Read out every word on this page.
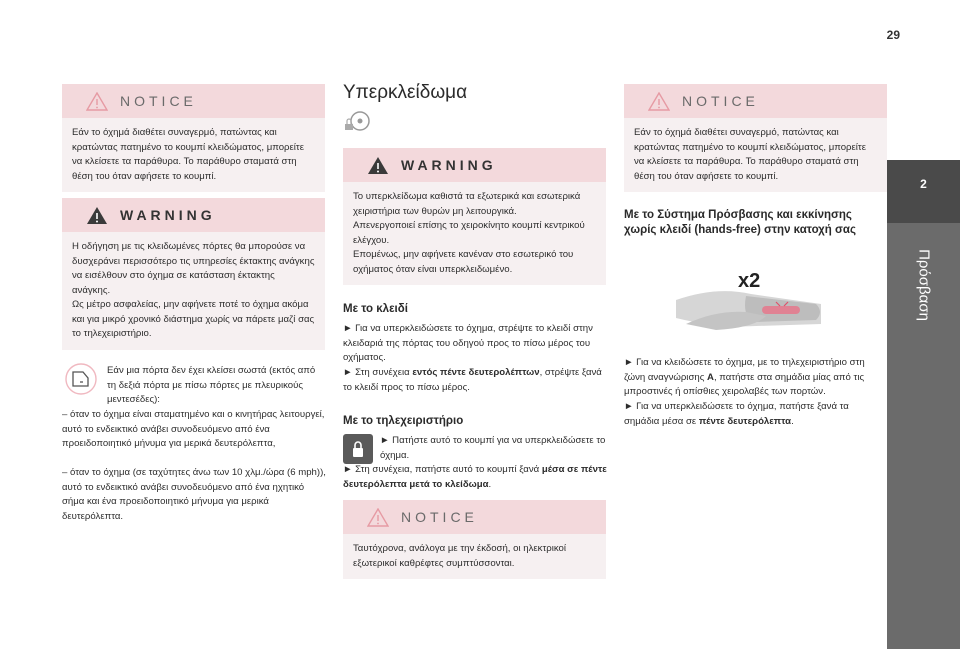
29
2
Πρόσβαση
NOTICE
Εάν το όχημά διαθέτει συναγερμό, πατώντας και κρατώντας πατημένο το κουμπί κλειδώματος, μπορείτε να κλείσετε τα παράθυρα. Το παράθυρο σταματά στη θέση του όταν αφήσετε το κουμπί.
WARNING
Η οδήγηση με τις κλειδωμένες πόρτες θα μπορούσε να δυσχεράνει περισσότερο τις υπηρεσίες έκτακτης ανάγκης να εισέλθουν στο όχημα σε κατάσταση έκτακτης ανάγκης.
Ως μέτρο ασφαλείας, μην αφήνετε ποτέ το όχημα ακόμα και για μικρό χρονικό διάστημα χωρίς να πάρετε μαζί σας το τηλεχειριστήριο.
Εάν μια πόρτα δεν έχει κλείσει σωστά (εκτός από τη δεξιά πόρτα με πίσω πόρτες με πλευρικούς μεντεσέδες):
– όταν το όχημα είναι σταματημένο και ο κινητήρας λειτουργεί, αυτό το ενδεικτικό ανάβει συνοδευόμενο από ένα προειδοποιητικό μήνυμα για μερικά δευτερόλεπτα,
– όταν το όχημα (σε ταχύτητες άνω των 10 χλμ./ώρα (6 mph)), αυτό το ενδεικτικό ανάβει συνοδευόμενο από ένα ηχητικό σήμα και ένα προειδοποιητικό μήνυμα για μερικά δευτερόλεπτα.
Υπερκλείδωμα
WARNING
Το υπερκλείδωμα καθιστά τα εξωτερικά και εσωτερικά χειριστήρια των θυρών μη λειτουργικά.
Απενεργοποιεί επίσης το χειροκίνητο κουμπί κεντρικού ελέγχου.
Επομένως, μην αφήνετε κανέναν στο εσωτερικό του οχήματος όταν είναι υπερκλειδωμένο.
Με το κλειδί
► Για να υπερκλειδώσετε το όχημα, στρέψτε το κλειδί στην κλειδαριά της πόρτας του οδηγού προς το πίσω μέρος του οχήματος.
► Στη συνέχεια εντός πέντε δευτερολέπτων, στρέψτε ξανά το κλειδί προς το πίσω μέρος.
Με το τηλεχειριστήριο
► Πατήστε αυτό το κουμπί για να υπερκλειδώσετε το όχημα.
► Στη συνέχεια, πατήστε αυτό το κουμπί ξανά μέσα σε πέντε δευτερόλεπτα μετά το κλείδωμα.
NOTICE
Ταυτόχρονα, ανάλογα με την έκδοσή, οι ηλεκτρικοί εξωτερικοί καθρέφτες συμπτύσσονται.
NOTICE
Εάν το όχημά διαθέτει συναγερμό, πατώντας και κρατώντας πατημένο το κουμπί κλειδώματος, μπορείτε να κλείσετε τα παράθυρα. Το παράθυρο σταματά στη θέση του όταν αφήσετε το κουμπί.
Με το Σύστημα Πρόσβασης και εκκίνησης χωρίς κλειδί (hands-free) στην κατοχή σας
x2
► Για να κλειδώσετε το όχημα, με το τηλεχειριστήριο στη ζώνη αναγνώρισης A, πατήστε στα σημάδια μίας από τις μπροστινές ή οπίσθιες χειρολαβές των πορτών.
► Για να υπερκλειδώσετε το όχημα, πατήστε ξανά τα σημάδια μέσα σε πέντε δευτερόλεπτα.
